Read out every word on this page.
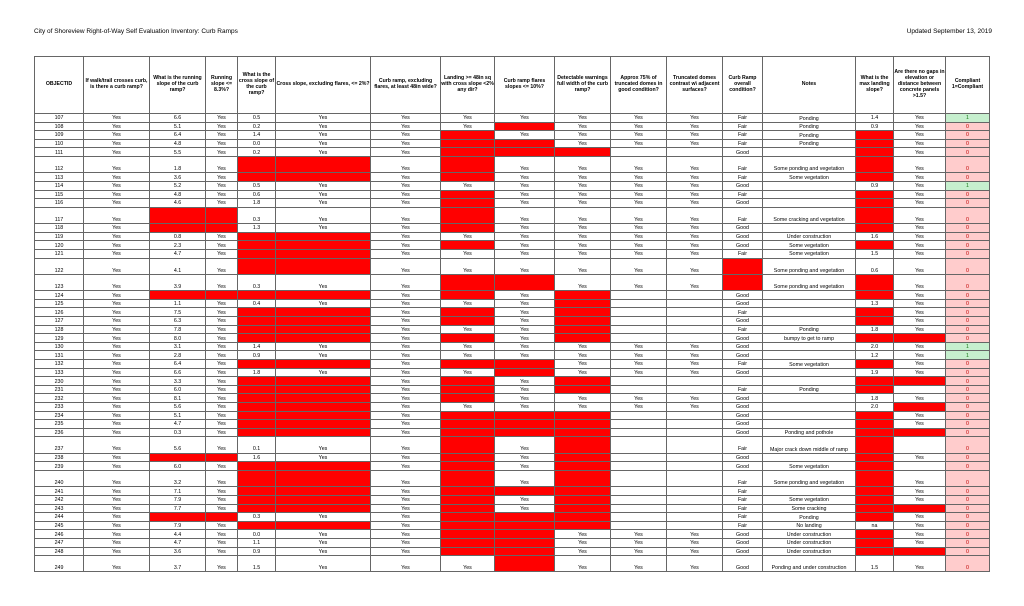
City of Shoreview Right-of-Way Self Evaluation Inventory: Curb Ramps	Updated September 13, 2019
OBJECTID	If walk/trail crosses curb, is there a curb ramp?	What is the running slope of the curb ramp?	Running slope <= 8.3%?	What is the cross slope of the curb ramp?	Cross slope, excluding flares, <= 2%?	Curb ramp, excluding flares, at least 48in wide?	Landing >= 48in sq with cross slope <2% any dir?	Curb ramp flares slopes <= 10%?	Detectable warnings full width of the curb ramp?	Approx 75% of truncated domes in good condition?	Truncated domes contrast w\ adjacent surfaces?	Curb Ramp overall condition?	Notes	What is the max landing slope?	Are there no gaps in elevation or distance between concrete panels >1.5?	Compliant 1=Compliant
107	Yes	6.6	Yes	0.5	Yes	Yes	Yes	Yes	Yes	Yes	Yes	Fair	Ponding	1.4	Yes	1
108	Yes	5.1	Yes	0.2	Yes	Yes	Yes	No	Yes	Yes	Yes	Fair	Ponding	0.9	Yes	0
109	Yes	6.4	Yes	1.4	Yes	Yes	No	Yes	Yes	Yes	Yes	Fair	Ponding	2.6	Yes	0
110	Yes	4.8	Yes	0.0	Yes	Yes	No	No	Yes	Yes	Yes	Fair	Ponding	6.3	Yes	0
111	Yes	5.5	Yes	0.2	Yes	Yes	No	No	No			Good		4.4	Yes	0
112	Yes	1.8	Yes	2.3	No	Yes	No	Yes	Yes	Yes	Yes	Fair	Some ponding and vegetation	3.8	Yes	0
113	Yes	3.6	Yes	3.0	No	Yes	No	Yes	Yes	Yes	Yes	Fair	Some vegetation	2.7	Yes	0
114	Yes	5.2	Yes	0.5	Yes	Yes	Yes	Yes	Yes	Yes	Yes	Good		0.9	Yes	1
115	Yes	4.8	Yes	0.6	Yes	Yes	No	Yes	Yes	Yes	Yes	Fair		3.1	Yes	0
116	Yes	4.6	Yes	1.8	Yes	Yes	No	Yes	Yes	Yes	Yes	Good		3.4	Yes	0
117	Yes	9.9	No	0.3	Yes	Yes	No	Yes	Yes	Yes	Yes	Fair	Some cracking and vegetation	7.2	Yes	0
118	Yes	12.6	No	1.3	Yes	Yes	No	Yes	Yes	Yes	Yes	Good		12.6	Yes	0
119	Yes	0.8	Yes	3.3	No	Yes	Yes	Yes	Yes	Yes	Yes	Good	Under construction	1.6	Yes	0
120	Yes	2.3	Yes	3.0	No	Yes	No	Yes	Yes	Yes	Yes	Good	Some vegetation	3.7	Yes	0
121	Yes	4.7	Yes	2.4	No	Yes	Yes	Yes	Yes	Yes	Yes	Fair	Some vegetation	1.5	Yes	0
122	Yes	4.1	Yes	2.1	No	Yes	Yes	Yes	Yes	Yes	Yes	Poor	Some ponding and vegetation	0.6	Yes	0
123	Yes	3.9	Yes	0.3	Yes	Yes	No	No	Yes	Yes	Yes	Poor	Some ponding and vegetation	3.1	Yes	0
124	Yes	8.6	No	2.2	No	Yes	No	Yes	No			Good		3.6	Yes	0
125	Yes	1.1	Yes	0.4	Yes	Yes	Yes	Yes	No			Good		1.3	Yes	0
126	Yes	7.5	Yes	6.1	No	Yes	No	Yes	No			Fair		2.6	Yes	0
127	Yes	6.3	Yes	6.8	No	Yes	No	Yes	No			Good		5.8	Yes	0
128	Yes	7.8	Yes	3.0	No	Yes	Yes	Yes	No			Fair	Ponding	1.8	Yes	0
129	Yes	8.0	Yes	2.3	No	Yes	No	Yes	No			Good	bumpy to get to ramp	3.0	No	0
130	Yes	3.1	Yes	1.4	Yes	Yes	Yes	Yes	Yes	Yes	Yes	Good		2.0	Yes	1
131	Yes	2.8	Yes	0.9	Yes	Yes	Yes	Yes	Yes	Yes	Yes	Good		1.2	Yes	1
132	Yes	6.4	Yes	2.6	No	Yes	No	No	Yes	Yes	Yes	Fair	Some vegetation	3.5	Yes	0
133	Yes	6.6	Yes	1.8	Yes	Yes	Yes	No	Yes	Yes	Yes	Good		1.9	Yes	0
230	Yes	3.3	Yes	4.6	No	Yes	No	Yes	No					4.0	No	0
231	Yes	6.0	Yes	3.7	No	Yes	No	Yes	No			Fair	Ponding	3.1		0
232	Yes	8.1	Yes	2.7	No	Yes	No	Yes	Yes	Yes	Yes	Good		1.8	Yes	0
233	Yes	5.6	Yes	3.2	No	Yes	Yes	Yes	Yes	Yes	Yes	Good		2.0	No	0
234	Yes	5.1	Yes	4.4	No	Yes	No	No	No			Good		3.4	Yes	0
235	Yes	4.7	Yes	6.4	No	Yes	No	No	No			Good		2.4	Yes	0
236	Yes	0.3	Yes	5.1	No	Yes	No	No	No			Good	Ponding and pothole	2.7	No	0
237	Yes	5.6	Yes	0.1	Yes	Yes	No	Yes	No			Fair	Major crack down middle of ramp	3.1		0
238	Yes	8.8	No	1.6	Yes	Yes	No	Yes	No			Good		5.4	Yes	0
239	Yes	6.0	Yes	3.8	No	Yes	No	Yes	No			Good	Some vegetation	4.7		0
240	Yes	3.2	Yes	2.7	No	Yes	No	Yes	No			Fair	Some ponding and vegetation	2.2	Yes	0
241	Yes	7.1	Yes	3.7	No	Yes	No	No	No			Fair		5.1	Yes	0
242	Yes	7.9	Yes	2.3	No	Yes	No	Yes	No			Fair	Some vegetation	3.1	Yes	0
243	Yes	7.7	Yes	2.5	No	Yes	No	Yes	No			Fair	Some cracking	4.2	No	0
244	Yes	10.3	No	0.3	Yes	Yes	No	No	No			Fair	Ponding	8.1	Yes	0
245	Yes	7.9	Yes	3.0	No	Yes	No	No	No			Fair	No landing	na	Yes	0
246	Yes	4.4	Yes	0.0	Yes	Yes	No	No	Yes	Yes	Yes	Good	Under construction	4.0	Yes	0
247	Yes	4.7	Yes	1.1	Yes	Yes	No	No	Yes	Yes	Yes	Good	Under construction	4.1	Yes	0
248	Yes	3.6	Yes	0.9	Yes	Yes	No	No	Yes	Yes	Yes	Good	Under construction	5.2	No	0
249	Yes	3.7	Yes	1.5	Yes	Yes	Yes	No	Yes	Yes	Yes	Good	Ponding and under construction	1.5	Yes	0
